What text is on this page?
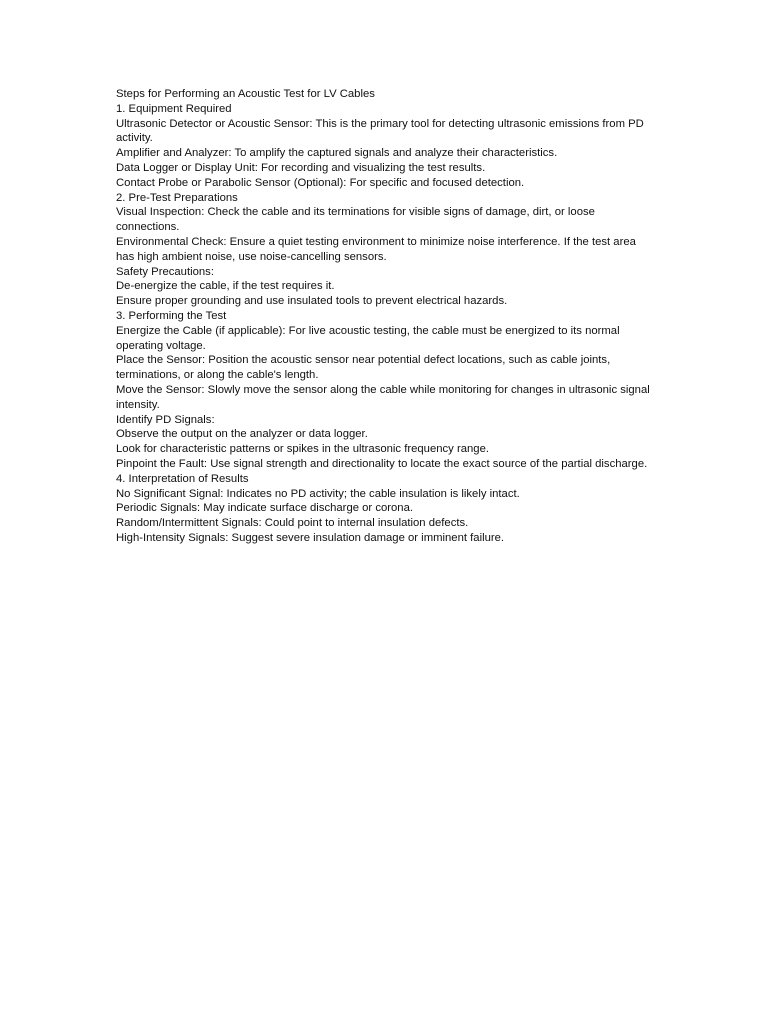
Steps for Performing an Acoustic Test for LV Cables

1. Equipment Required

Ultrasonic Detector or Acoustic Sensor: This is the primary tool for detecting ultrasonic emissions from PD activity.

Amplifier and Analyzer: To amplify the captured signals and analyze their characteristics.

Data Logger or Display Unit: For recording and visualizing the test results.

Contact Probe or Parabolic Sensor (Optional): For specific and focused detection.

2. Pre-Test Preparations

Visual Inspection: Check the cable and its terminations for visible signs of damage, dirt, or loose connections.

Environmental Check: Ensure a quiet testing environment to minimize noise interference. If the test area has high ambient noise, use noise-cancelling sensors.

Safety Precautions:

De-energize the cable, if the test requires it.

Ensure proper grounding and use insulated tools to prevent electrical hazards.

3. Performing the Test

Energize the Cable (if applicable): For live acoustic testing, the cable must be energized to its normal operating voltage.

Place the Sensor: Position the acoustic sensor near potential defect locations, such as cable joints, terminations, or along the cable's length.

Move the Sensor: Slowly move the sensor along the cable while monitoring for changes in ultrasonic signal intensity.

Identify PD Signals:

Observe the output on the analyzer or data logger.

Look for characteristic patterns or spikes in the ultrasonic frequency range.

Pinpoint the Fault: Use signal strength and directionality to locate the exact source of the partial discharge.

4. Interpretation of Results

No Significant Signal: Indicates no PD activity; the cable insulation is likely intact.

Periodic Signals: May indicate surface discharge or corona.

Random/Intermittent Signals: Could point to internal insulation defects.

High-Intensity Signals: Suggest severe insulation damage or imminent failure.
